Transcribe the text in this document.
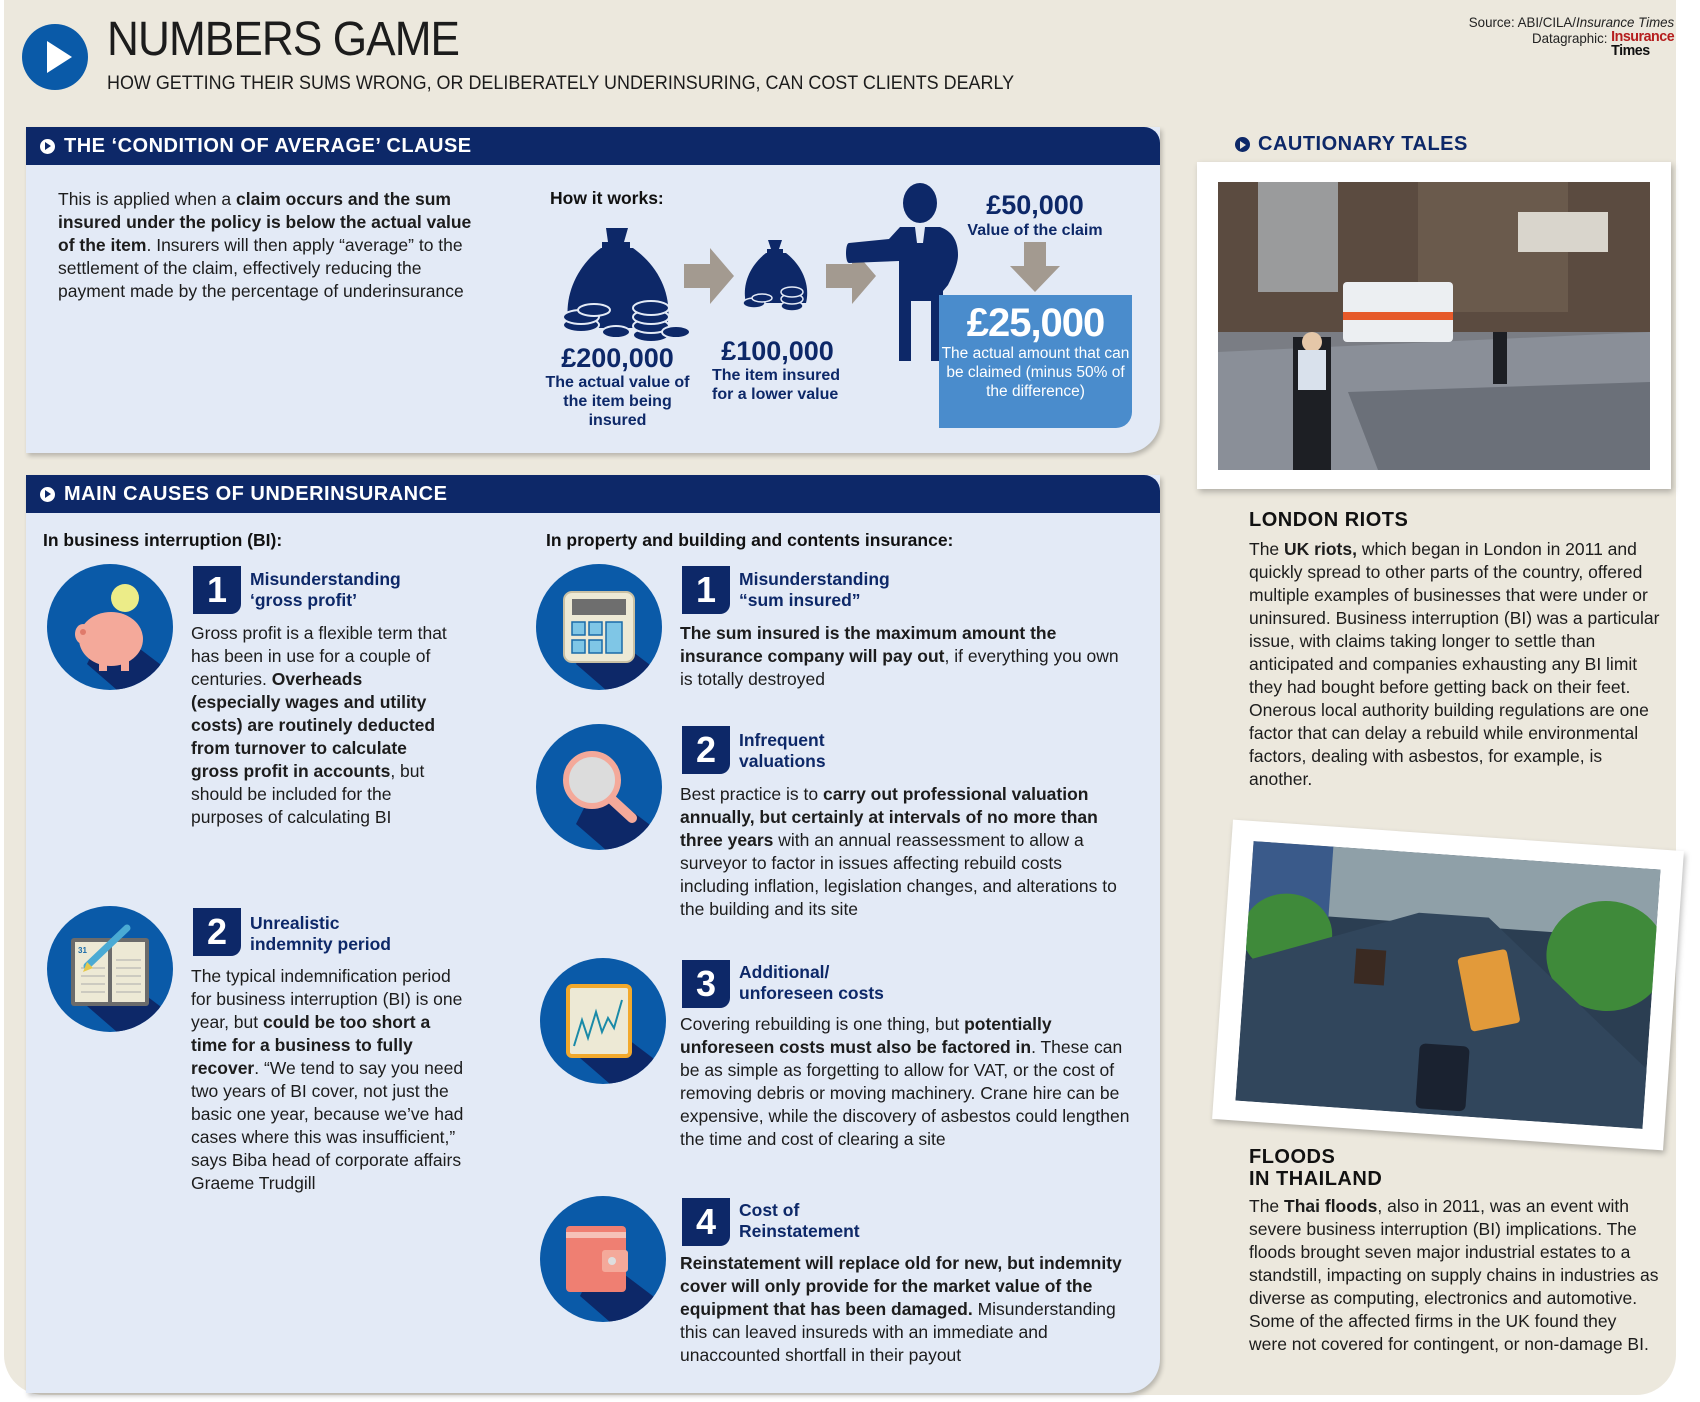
NUMBERS GAME
HOW GETTING THEIR SUMS WRONG, OR DELIBERATELY UNDERINSURING, CAN COST CLIENTS DEARLY
Source: ABI/CILA/Insurance Times
Datagraphic: Insurance
Times
THE ‘CONDITION OF AVERAGE’ CLAUSE
This is applied when a claim occurs and the sum insured under the policy is below the actual value of the item. Insurers will then apply “average” to the settlement of the claim, effectively reducing the payment made by the percentage of underinsurance
How it works:
£200,000
The actual value of the item being insured
£100,000
The item insured for a lower value
£50,000
Value of the claim
£25,000
The actual amount that can be claimed (minus 50% of the difference)
MAIN CAUSES OF UNDERINSURANCE
In business interruption (BI):	In property and building and contents insurance:
1	Misunderstanding
‘gross profit’
Gross profit is a flexible term that has been in use for a couple of centuries. Overheads (especially wages and utility costs) are routinely deducted from turnover to calculate gross profit in accounts, but should be included for the purposes of calculating BI
31	2	Unrealistic
indemnity period
The typical indemnification period for business interruption (BI) is one year, but could be too short a time for a business to fully recover. “We tend to say you need two years of BI cover, not just the basic one year, because we’ve had cases where this was insufficient,” says Biba head of corporate affairs Graeme Trudgill
1	Misunderstanding
“sum insured”
The sum insured is the maximum amount the insurance company will pay out, if everything you own is totally destroyed
2	Infrequent
valuations
Best practice is to carry out professional valuation annually, but certainly at intervals of no more than three years with an annual reassessment to allow a surveyor to factor in issues affecting rebuild costs including inflation, legislation changes, and alterations to the building and its site
3	Additional/
unforeseen costs
Covering rebuilding is one thing, but potentially unforeseen costs must also be factored in. These can be as simple as forgetting to allow for VAT, or the cost of removing debris or moving machinery. Crane hire can be expensive, while the discovery of asbestos could lengthen the time and cost of clearing a site
4	Cost of
Reinstatement
Reinstatement will replace old for new, but indemnity cover will only provide for the market value of the equipment that has been damaged. Misunderstanding this can leaved insureds with an immediate and unaccounted shortfall in their payout
CAUTIONARY TALES
LONDON RIOTS
The UK riots, which began in London in 2011 and quickly spread to other parts of the country, offered multiple examples of businesses that were under or uninsured. Business interruption (BI) was a particular issue, with claims taking longer to settle than anticipated and companies exhausting any BI limit they had bought before getting back on their feet. Onerous local authority building regulations are one factor that can delay a rebuild while environmental factors, dealing with asbestos, for example, is another.
FLOODS
IN THAILAND
The Thai floods, also in 2011, was an event with severe business interruption (BI) implications. The floods brought seven major industrial estates to a standstill, impacting on supply chains in industries as diverse as computing, electronics and automotive. Some of the affected firms in the UK found they were not covered for contingent, or non-damage BI.
